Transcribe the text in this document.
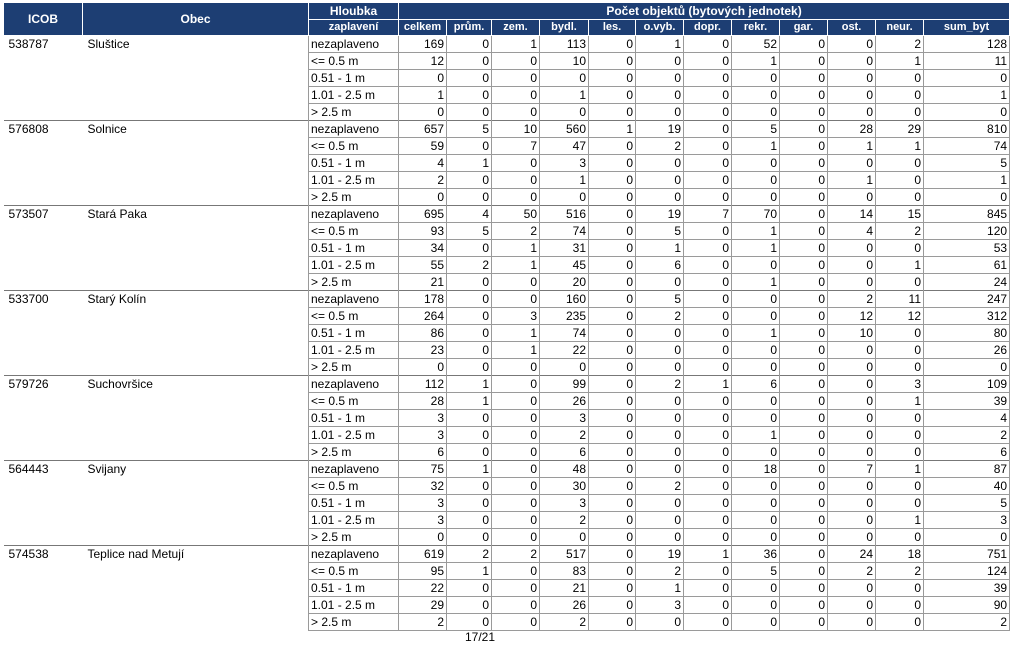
ICOB	Obec	Hloubka	Počet objektů (bytových jednotek)											
		zaplavení	celkem	prům.	zem.	bydl.	les.	o.vyb.	dopr.	rekr.	gar.	ost.	neur.	sum_byt
538787	Sluštice	nezaplaveno	169	0	1	113	0	1	0	52	0	0	2	128
		<= 0.5 m	12	0	0	10	0	0	0	1	0	0	1	11
		0.51 - 1 m	0	0	0	0	0	0	0	0	0	0	0	0
		1.01 - 2.5 m	1	0	0	1	0	0	0	0	0	0	0	1
		> 2.5 m	0	0	0	0	0	0	0	0	0	0	0	0
576808	Solnice	nezaplaveno	657	5	10	560	1	19	0	5	0	28	29	810
		<= 0.5 m	59	0	7	47	0	2	0	1	0	1	1	74
		0.51 - 1 m	4	1	0	3	0	0	0	0	0	0	0	5
		1.01 - 2.5 m	2	0	0	1	0	0	0	0	0	1	0	1
		> 2.5 m	0	0	0	0	0	0	0	0	0	0	0	0
573507	Stará Paka	nezaplaveno	695	4	50	516	0	19	7	70	0	14	15	845
		<= 0.5 m	93	5	2	74	0	5	0	1	0	4	2	120
		0.51 - 1 m	34	0	1	31	0	1	0	1	0	0	0	53
		1.01 - 2.5 m	55	2	1	45	0	6	0	0	0	0	1	61
		> 2.5 m	21	0	0	20	0	0	0	1	0	0	0	24
533700	Starý Kolín	nezaplaveno	178	0	0	160	0	5	0	0	0	2	11	247
		<= 0.5 m	264	0	3	235	0	2	0	0	0	12	12	312
		0.51 - 1 m	86	0	1	74	0	0	0	1	0	10	0	80
		1.01 - 2.5 m	23	0	1	22	0	0	0	0	0	0	0	26
		> 2.5 m	0	0	0	0	0	0	0	0	0	0	0	0
579726	Suchovršice	nezaplaveno	112	1	0	99	0	2	1	6	0	0	3	109
		<= 0.5 m	28	1	0	26	0	0	0	0	0	0	1	39
		0.51 - 1 m	3	0	0	3	0	0	0	0	0	0	0	4
		1.01 - 2.5 m	3	0	0	2	0	0	0	1	0	0	0	2
		> 2.5 m	6	0	0	6	0	0	0	0	0	0	0	6
564443	Svijany	nezaplaveno	75	1	0	48	0	0	0	18	0	7	1	87
		<= 0.5 m	32	0	0	30	0	2	0	0	0	0	0	40
		0.51 - 1 m	3	0	0	3	0	0	0	0	0	0	0	5
		1.01 - 2.5 m	3	0	0	2	0	0	0	0	0	0	1	3
		> 2.5 m	0	0	0	0	0	0	0	0	0	0	0	0
574538	Teplice nad Metují	nezaplaveno	619	2	2	517	0	19	1	36	0	24	18	751
		<= 0.5 m	95	1	0	83	0	2	0	5	0	2	2	124
		0.51 - 1 m	22	0	0	21	0	1	0	0	0	0	0	39
		1.01 - 2.5 m	29	0	0	26	0	3	0	0	0	0	0	90
		> 2.5 m	2	0	0	2	0	0	0	0	0	0	0	2
17/21
